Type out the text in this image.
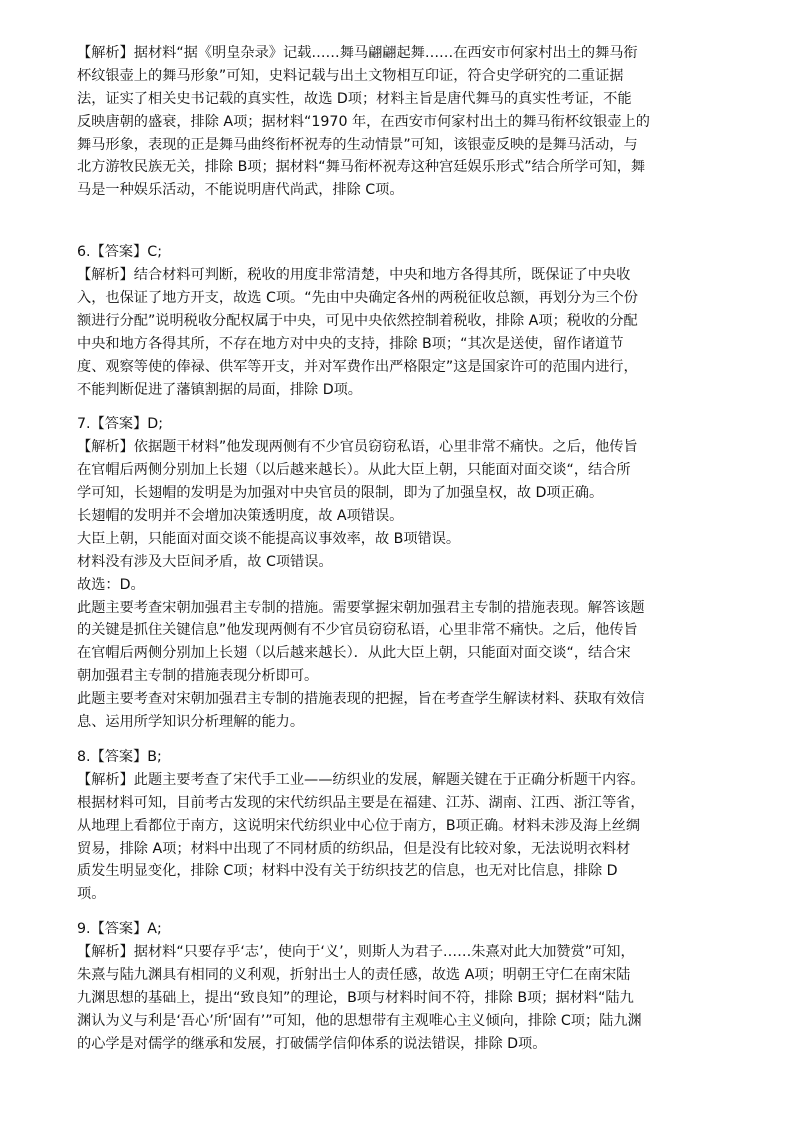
【解析】据材料“据《明皇杂录》记载……舞马翩翩起舞……在西安市何家村出土的舞马衔
杯纹银壶上的舞马形象”可知，史料记载与出土文物相互印证，符合史学研究的二重证据
法，证实了相关史书记载的真实性，故选 D项；材料主旨是唐代舞马的真实性考证，不能
反映唐朝的盛衰，排除 A项；据材料“1970 年，在西安市何家村出土的舞马衔杯纹银壶上的
舞马形象，表现的正是舞马曲终衔杯祝寿的生动情景”可知，该银壶反映的是舞马活动，与
北方游牧民族无关，排除 B项；据材料“舞马衔杯祝寿这种宫廷娱乐形式”结合所学可知，舞
马是一种娱乐活动，不能说明唐代尚武，排除 C项。
6.【答案】C;
【解析】结合材料可判断，税收的用度非常清楚，中央和地方各得其所，既保证了中央收
入，也保证了地方开支，故选 C项。“先由中央确定各州的两税征收总额，再划分为三个份
额进行分配”说明税收分配权属于中央，可见中央依然控制着税收，排除 A项；税收的分配
中央和地方各得其所，不存在地方对中央的支持，排除 B项；“其次是送使，留作诸道节
度、观察等使的俸禄、供军等开支，并对军费作出严格限定”这是国家许可的范围内进行，
不能判断促进了藩镇割据的局面，排除 D项。
7.【答案】D;
【解析】依据题干材料”他发现两侧有不少官员窃窃私语，心里非常不痛快。之后，他传旨
在官帽后两侧分别加上长翅（以后越来越长）。从此大臣上朝，只能面对面交谈“，结合所
学可知，长翅帽的发明是为加强对中央官员的限制，即为了加强皇权，故 D项正确。
长翅帽的发明并不会增加决策透明度，故 A项错误。
大臣上朝，只能面对面交谈不能提高议事效率，故 B项错误。
材料没有涉及大臣间矛盾，故 C项错误。
故选：D。
此题主要考查宋朝加强君主专制的措施。需要掌握宋朝加强君主专制的措施表现。解答该题
的关键是抓住关键信息”他发现两侧有不少官员窃窃私语，心里非常不痛快。之后，他传旨
在官帽后两侧分别加上长翅（以后越来越长）．从此大臣上朝，只能面对面交谈“，结合宋
朝加强君主专制的措施表现分析即可。
此题主要考查对宋朝加强君主专制的措施表现的把握，旨在考查学生解读材料、获取有效信
息、运用所学知识分析理解的能力。
8.【答案】B;
【解析】此题主要考查了宋代手工业——纺织业的发展，解题关键在于正确分析题干内容。
根据材料可知，目前考古发现的宋代纺织品主要是在福建、江苏、湖南、江西、浙江等省，
从地理上看都位于南方，这说明宋代纺织业中心位于南方，B项正确。材料未涉及海上丝绸
贸易，排除 A项；材料中出现了不同材质的纺织品，但是没有比较对象，无法说明衣料材
质发生明显变化，排除 C项；材料中没有关于纺织技艺的信息，也无对比信息，排除 D
项。
9.【答案】A;
【解析】据材料“只要存乎‘志’，使向于‘义’，则斯人为君子……朱熹对此大加赞赏”可知，
朱熹与陆九渊具有相同的义利观，折射出士人的责任感，故选 A项；明朝王守仁在南宋陆
九渊思想的基础上，提出“致良知”的理论，B项与材料时间不符，排除 B项；据材料“陆九
渊认为义与利是‘吾心’所‘固有’”可知，他的思想带有主观唯心主义倾向，排除 C项；陆九渊
的心学是对儒学的继承和发展，打破儒学信仰体系的说法错误，排除 D项。
